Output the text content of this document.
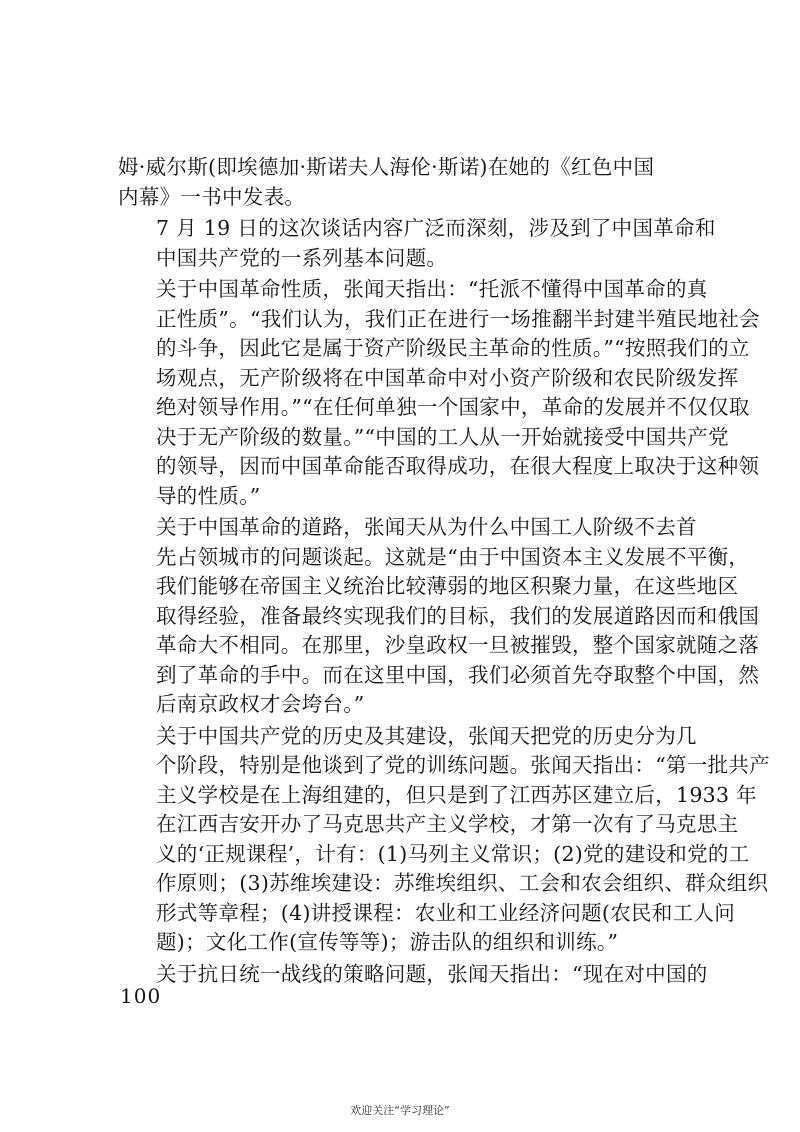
姆·威尔斯(即埃德加·斯诺夫人海伦·斯诺)在她的《红色中国
内幕》一书中发表。

7 月 19 日的这次谈话内容广泛而深刻，涉及到了中国革命和
中国共产党的一系列基本问题。

关于中国革命性质，张闻天指出：“托派不懂得中国革命的真
正性质”。“我们认为，我们正在进行一场推翻半封建半殖民地社会
的斗争，因此它是属于资产阶级民主革命的性质。”“按照我们的立
场观点，无产阶级将在中国革命中对小资产阶级和农民阶级发挥
绝对领导作用。”“在任何单独一个国家中，革命的发展并不仅仅取
决于无产阶级的数量。”“中国的工人从一开始就接受中国共产党
的领导，因而中国革命能否取得成功，在很大程度上取决于这种领
导的性质。”

关于中国革命的道路，张闻天从为什么中国工人阶级不去首
先占领城市的问题谈起。这就是“由于中国资本主义发展不平衡，
我们能够在帝国主义统治比较薄弱的地区积聚力量，在这些地区
取得经验，准备最终实现我们的目标，我们的发展道路因而和俄国
革命大不相同。在那里，沙皇政权一旦被摧毁，整个国家就随之落
到了革命的手中。而在这里中国，我们必须首先夺取整个中国，然
后南京政权才会垮台。”

关于中国共产党的历史及其建设，张闻天把党的历史分为几
个阶段，特别是他谈到了党的训练问题。张闻天指出：“第一批共产
主义学校是在上海组建的，但只是到了江西苏区建立后，1933 年
在江西吉安开办了马克思共产主义学校，才第一次有了马克思主
义的‘正规课程’，计有：(1)马列主义常识；(2)党的建设和党的工
作原则；(3)苏维埃建设：苏维埃组织、工会和农会组织、群众组织
形式等章程；(4)讲授课程：农业和工业经济问题(农民和工人问
题)；文化工作(宣传等等)；游击队的组织和训练。”

关于抗日统一战线的策略问题，张闻天指出：“现在对中国的

100
欢迎关注“学习理论”
